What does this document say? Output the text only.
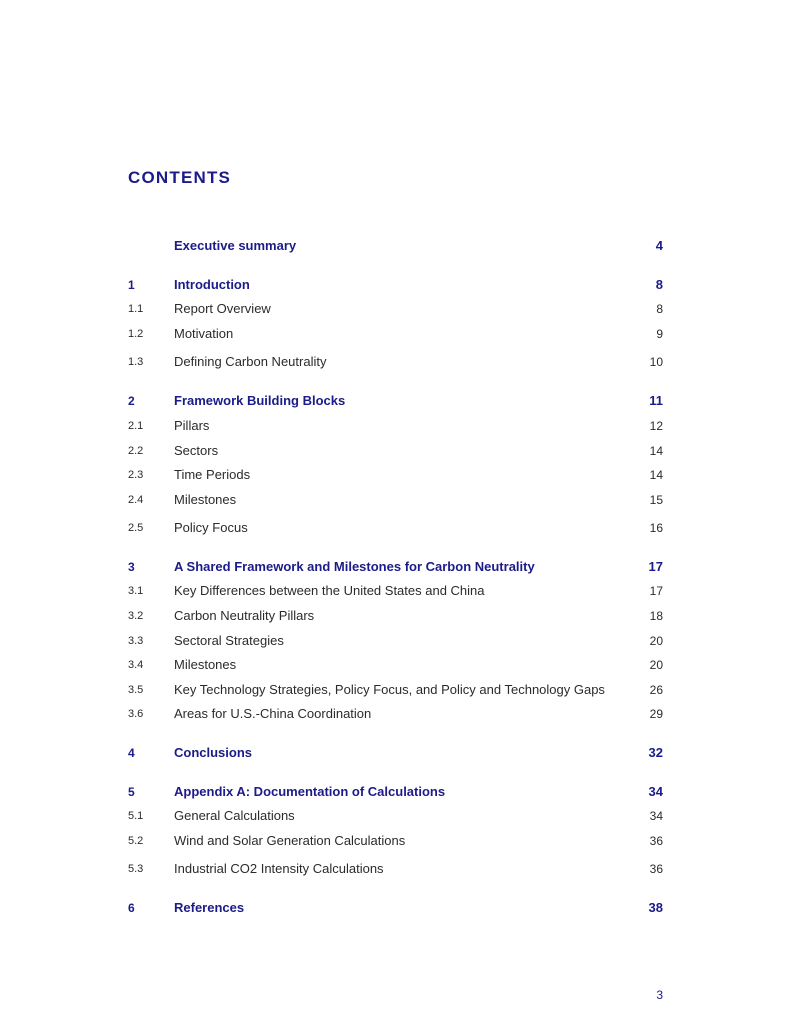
CONTENTS
Executive summary	4
1	Introduction	8
1.1	Report Overview	8
1.2	Motivation	9
1.3	Defining Carbon Neutrality	10
2	Framework Building Blocks	11
2.1	Pillars	12
2.2	Sectors	14
2.3	Time Periods	14
2.4	Milestones	15
2.5	Policy Focus	16
3	A Shared Framework and Milestones for Carbon Neutrality	17
3.1	Key Differences between the United States and China	17
3.2	Carbon Neutrality Pillars	18
3.3	Sectoral Strategies	20
3.4	Milestones	20
3.5	Key Technology Strategies, Policy Focus, and Policy and Technology Gaps	26
3.6	Areas for U.S.-China Coordination	29
4	Conclusions	32
5	Appendix A: Documentation of Calculations	34
5.1	General Calculations	34
5.2	Wind and Solar Generation Calculations	36
5.3	Industrial CO2 Intensity Calculations	36
6	References	38
3
